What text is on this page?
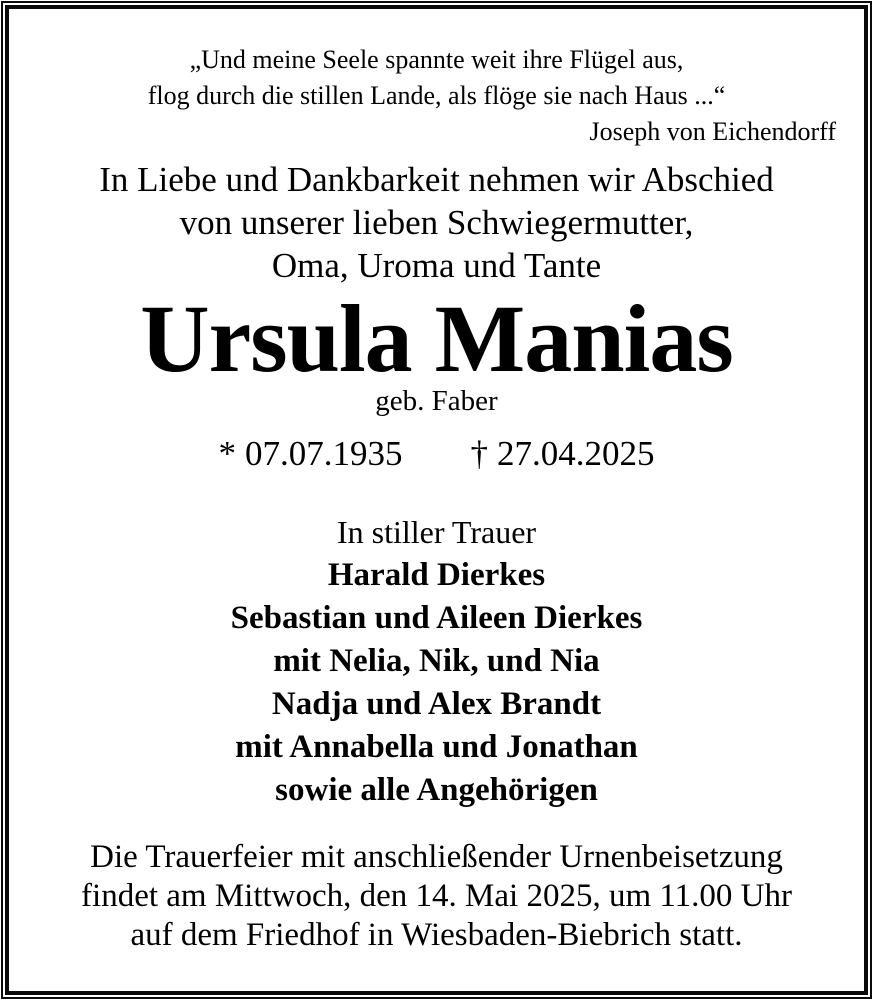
„Und meine Seele spannte weit ihre Flügel aus,
flog durch die stillen Lande, als flöge sie nach Haus ...“
Joseph von Eichendorff
In Liebe und Dankbarkeit nehmen wir Abschied
von unserer lieben Schwiegermutter,
Oma, Uroma und Tante
Ursula Manias
geb. Faber
* 07.07.1935 † 27.04.2025
In stiller Trauer
Harald Dierkes
Sebastian und Aileen Dierkes
mit Nelia, Nik, und Nia
Nadja und Alex Brandt
mit Annabella und Jonathan
sowie alle Angehörigen
Die Trauerfeier mit anschließender Urnenbeisetzung
findet am Mittwoch, den 14. Mai 2025, um 11.00 Uhr
auf dem Friedhof in Wiesbaden-Biebrich statt.
